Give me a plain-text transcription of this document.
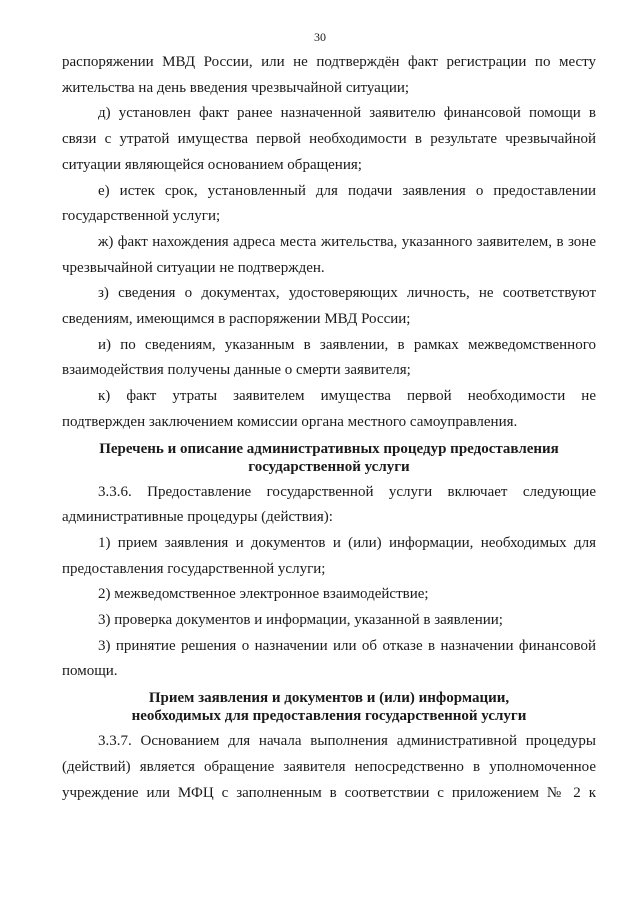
30

распоряжении МВД России, или не подтверждён факт регистрации по месту жительства на день введения чрезвычайной ситуации;

д) установлен факт ранее назначенной заявителю финансовой помощи в связи с утратой имущества первой необходимости в результате чрезвычайной ситуации являющейся основанием обращения;

е) истек срок, установленный для подачи заявления о предоставлении государственной услуги;

ж) факт нахождения адреса места жительства, указанного заявителем, в зоне чрезвычайной ситуации не подтвержден.

з) сведения о документах, удостоверяющих личность, не соответствуют сведениям, имеющимся в распоряжении МВД России;

и) по сведениям, указанным в заявлении, в рамках межведомственного взаимодействия получены данные о смерти заявителя;

к) факт утраты заявителем имущества первой необходимости не подтвержден заключением комиссии органа местного самоуправления.

Перечень и описание административных процедур предоставления
государственной услуги

3.3.6. Предоставление государственной услуги включает следующие административные процедуры (действия):

1) прием заявления и документов и (или) информации, необходимых для предоставления государственной услуги;

2) межведомственное электронное взаимодействие;

3) проверка документов и информации, указанной в заявлении;

3) принятие решения о назначении или об отказе в назначении финансовой помощи.

Прием заявления и документов и (или) информации,
необходимых для предоставления государственной услуги

3.3.7. Основанием для начала выполнения административной процедуры (действий) является обращение заявителя непосредственно в уполномоченное учреждение или МФЦ с заполненным в соответствии с приложением № 2 к
